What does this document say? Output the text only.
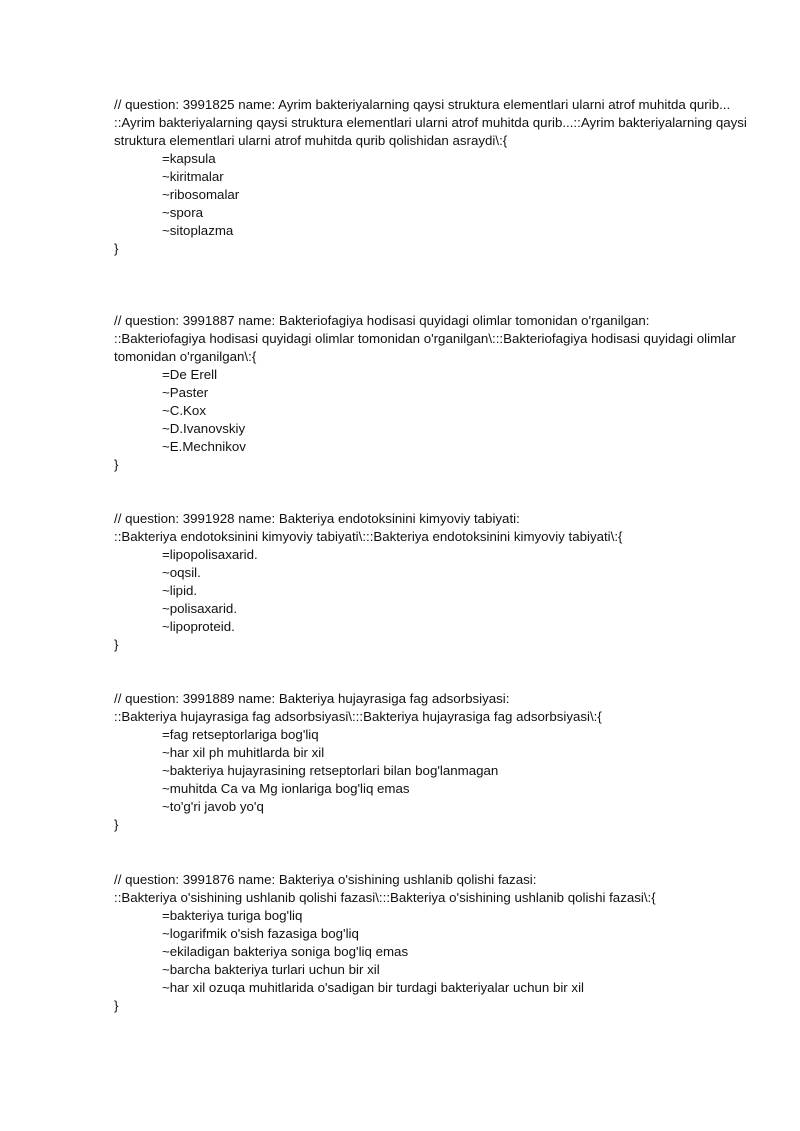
// question: 3991825 name: Ayrim bakteriyalarning qaysi struktura elementlari ularni atrof muhitda qurib...
::Ayrim bakteriyalarning qaysi struktura elementlari ularni atrof muhitda qurib...::Ayrim bakteriyalarning qaysi struktura elementlari ularni atrof muhitda qurib qolishidan asraydi\:{
=kapsula
~kiritmalar
~ribosomalar
~spora
~sitoplazma
}
// question: 3991887 name: Bakteriofagiya hodisasi quyidagi olimlar tomonidan o'rganilgan:
::Bakteriofagiya hodisasi quyidagi olimlar tomonidan o'rganilgan\:::Bakteriofagiya hodisasi quyidagi olimlar tomonidan o'rganilgan\:{
=De Erell
~Paster
~C.Kox
~D.Ivanovskiy
~E.Mechnikov
}
// question: 3991928 name: Bakteriya endotoksinini kimyoviy tabiyati:
::Bakteriya endotoksinini kimyoviy tabiyati\:::Bakteriya endotoksinini kimyoviy tabiyati\:{
=lipopolisaxarid.
~oqsil.
~lipid.
~polisaxarid.
~lipoproteid.
}
// question: 3991889 name: Bakteriya hujayrasiga fag adsorbsiyasi:
::Bakteriya hujayrasiga fag adsorbsiyasi\:::Bakteriya hujayrasiga fag adsorbsiyasi\:{
=fag retseptorlariga bog'liq
~har xil ph muhitlarda bir xil
~bakteriya hujayrasining retseptorlari bilan bog'lanmagan
~muhitda Ca va Mg ionlariga bog'liq emas
~to'g'ri javob yo'q
}
// question: 3991876 name: Bakteriya o'sishining ushlanib qolishi fazasi:
::Bakteriya o'sishining ushlanib qolishi fazasi\:::Bakteriya o'sishining ushlanib qolishi fazasi\:{
=bakteriya turiga bog'liq
~logarifmik o'sish fazasiga bog'liq
~ekiladigan bakteriya soniga bog'liq emas
~barcha bakteriya turlari uchun bir xil
~har xil ozuqa muhitlarida o'sadigan bir turdagi bakteriyalar uchun bir xil
}
